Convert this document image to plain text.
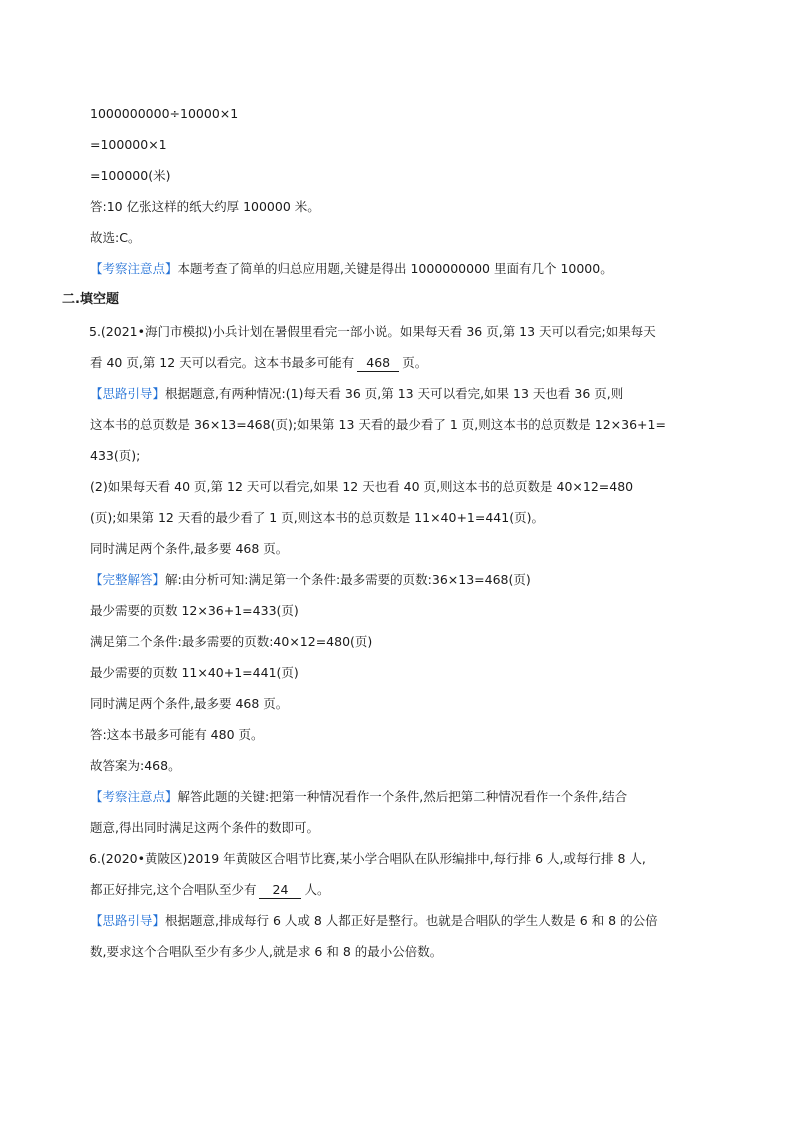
1000000000÷10000×1
=100000×1
=100000(米)
答:10 亿张这样的纸大约厚 100000 米。
故选:C。
【考察注意点】本题考查了简单的归总应用题,关键是得出 1000000000 里面有几个 10000。
二.填空题
5.(2021•海门市模拟)小兵计划在暑假里看完一部小说。如果每天看 36 页,第 13 天可以看完;如果每天
看 40 页,第 12 天可以看完。这本书最多可能有 468 页。
【思路引导】根据题意,有两种情况:(1)每天看 36 页,第 13 天可以看完,如果 13 天也看 36 页,则
这本书的总页数是 36×13=468(页);如果第 13 天看的最少看了 1 页,则这本书的总页数是 12×36+1=
433(页);
(2)如果每天看 40 页,第 12 天可以看完,如果 12 天也看 40 页,则这本书的总页数是 40×12=480
(页);如果第 12 天看的最少看了 1 页,则这本书的总页数是 11×40+1=441(页)。
同时满足两个条件,最多要 468 页。
【完整解答】解:由分析可知:满足第一个条件:最多需要的页数:36×13=468(页)
最少需要的页数 12×36+1=433(页)
满足第二个条件:最多需要的页数:40×12=480(页)
最少需要的页数 11×40+1=441(页)
同时满足两个条件,最多要 468 页。
答:这本书最多可能有 480 页。
故答案为:468。
【考察注意点】解答此题的关键:把第一种情况看作一个条件,然后把第二种情况看作一个条件,结合
题意,得出同时满足这两个条件的数即可。
6.(2020•黄陂区)2019 年黄陂区合唱节比赛,某小学合唱队在队形编排中,每行排 6 人,或每行排 8 人,
都正好排完,这个合唱队至少有 24 人。
【思路引导】根据题意,排成每行 6 人或 8 人都正好是整行。也就是合唱队的学生人数是 6 和 8 的公倍
数,要求这个合唱队至少有多少人,就是求 6 和 8 的最小公倍数。
